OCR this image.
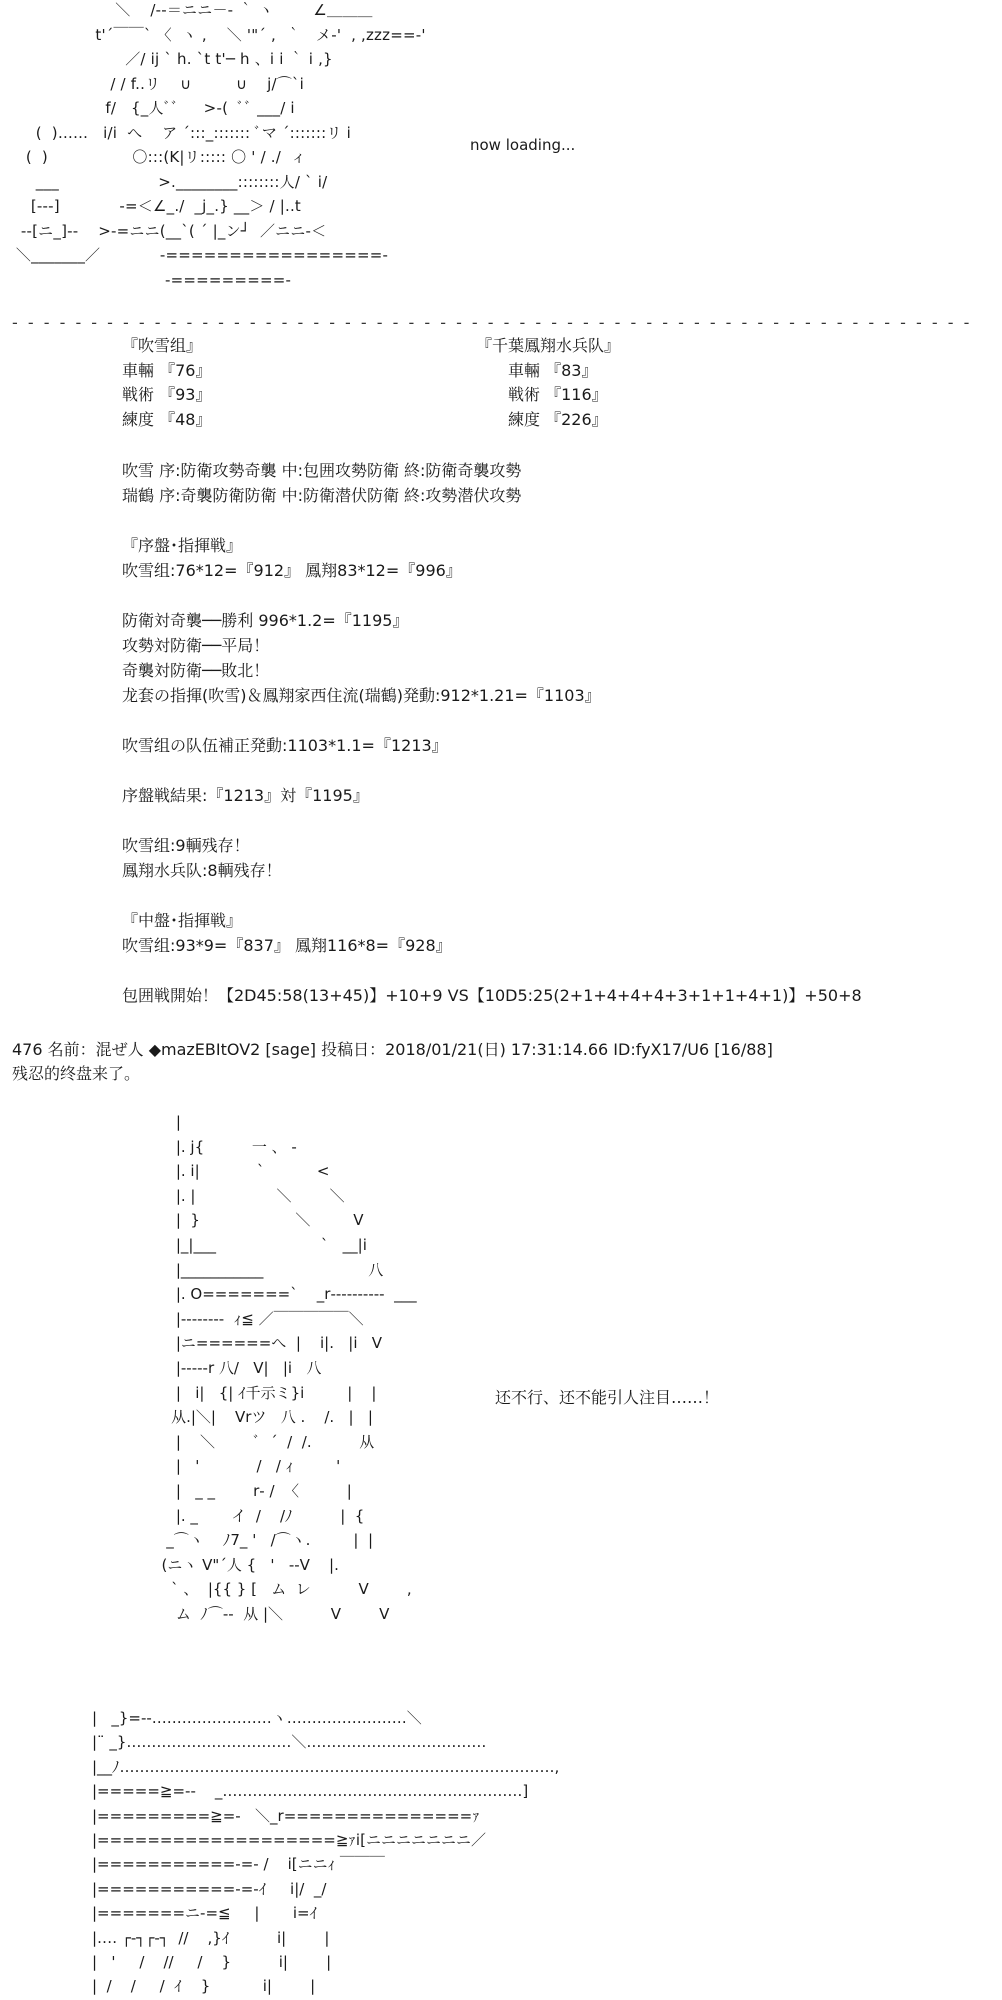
＼    /‐‐＝ニニ－‐ ｀ ヽ        ∠＿＿＿
t'´￣￣` 〈  ヽ ,    ＼ '"´ ,  ｀   メ‐'  , ,zzz==‐'
／/ ij ` h. `t t'─ h 、i i ｀ i ,}
/ / f..リ    ∪         ∪    j/⌒`i
f/   {_人ﾞﾞ     >‐(  ﾞﾞ ___/ i
(  )……   i/i  へ    ア ´:::_::::::: ﾞマ ´:::::::リ i
(  )                 〇:::(K|リ::::: 〇 ' / ./  ィ
___                    >.________::::::::人/ ` i/
[‐‐‐]            ‐=＜∠_./  _j_.} __＞ / |..t
‐‐[ニ_]‐‐    >‐=ニニ(__`( ´ |_ン┘  ／ニニ‐＜
＼_______／            ‐=================‐
‐=========‐
now loading...
- - - - - - - - - - - - - - - - - - - - - - - - - - - - - - - - - - - - - - - - - - - - - - - - - - - - - - - - - - - - -
『吹雪组』
車輛 『76』
戦術 『93』
練度 『48』
『千葉鳳翔水兵队』
車輛 『83』
戦術 『116』
練度 『226』
吹雪 序:防衛攻勢奇襲 中:包囲攻勢防衛 終:防衛奇襲攻勢
瑞鶴 序:奇襲防衛防衛 中:防衛潜伏防衛 終:攻勢潜伏攻勢
『序盤･指揮戦』
吹雪组:76*12=『912』 鳳翔83*12=『996』
防衛対奇襲──勝利 996*1.2=『1195』
攻勢対防衛──平局！
奇襲対防衛──敗北！
龙套の指揮(吹雪)＆鳳翔家西住流(瑞鶴)発動:912*1.21=『1103』
吹雪组の队伍補正発動:1103*1.1=『1213』
序盤戦結果:『1213』対『1195』
吹雪组:9輌残存！
鳳翔水兵队:8輌残存！
『中盤･指揮戦』
吹雪组:93*9=『837』 鳳翔116*8=『928』
包囲戦開始！【2D45:58(13+45)】+10+9 VS【10D5:25(2+1+4+4+4+3+1+1+4+1)】+50+8
476 名前：混ぜ人 ◆mazEBItOV2 [sage] 投稿日：2018/01/21(日) 17:31:14.66 ID:fyX17/U6 [16/88]
残忍的终盘来了。
|
|. j{          一 、 -
|. i|            `           <
|. |                 ＼        ＼
|  }                    ＼         V
|_|___                      `   __|i
|___________                      八
|. O=======`    _r‐‐‐‐‐‐‐‐‐-  ___
|‐‐‐‐‐‐‐‐  ｨ≦ ／￣￣￣￣￣＼
|ニ======へ  |    i|.   |i   V
|‐‐‐‐‐r 八/   V|   |i   八
|   i|   {| ｲ千示ミ}i         |    |
从.|＼|    Vrツ   八 .    /.   |   |
|    ＼        ﾞ  ´  /  /.          从
|   '            /   / ｨ         '
|   _ _        r‐ /  〈          |
|. _       イ  /    /ﾉ          |  {
_⌒ヽ    ﾉ7_ '   /⌒ヽ.         |  |
(ニヽ V"´人 {   '   ‐‐V    |.
` 、  |{{ } [   ム  レ          V        ,
ム  ﾉ⌒‐‐  从 |＼          V        V
还不行、还不能引人注目……！
|   _}=‐‐……………………ヽ……………………＼
|¨ _}……………………………＼………………………………
|__ﾉ……………………………………………………………………………,
|=====≧=‐-    _……………………………………………………]
|=========≧=‐   ＼_r===============ｧ
|===================≧ｧi[ニニニニニニニ／
|===========‐=‐ /    i[ニニｨ ￣￣￣
|===========‐=‐ｲ     i|/  _/
|=======ニ‐=≦     |       i=ｲ
|‥‥ ┌‐┐┌‐┐  //    ,}ｲ          i|        |
|   '     /    //     /    }          i|        |
|  /    /     /  ｲ    }           i|        |
